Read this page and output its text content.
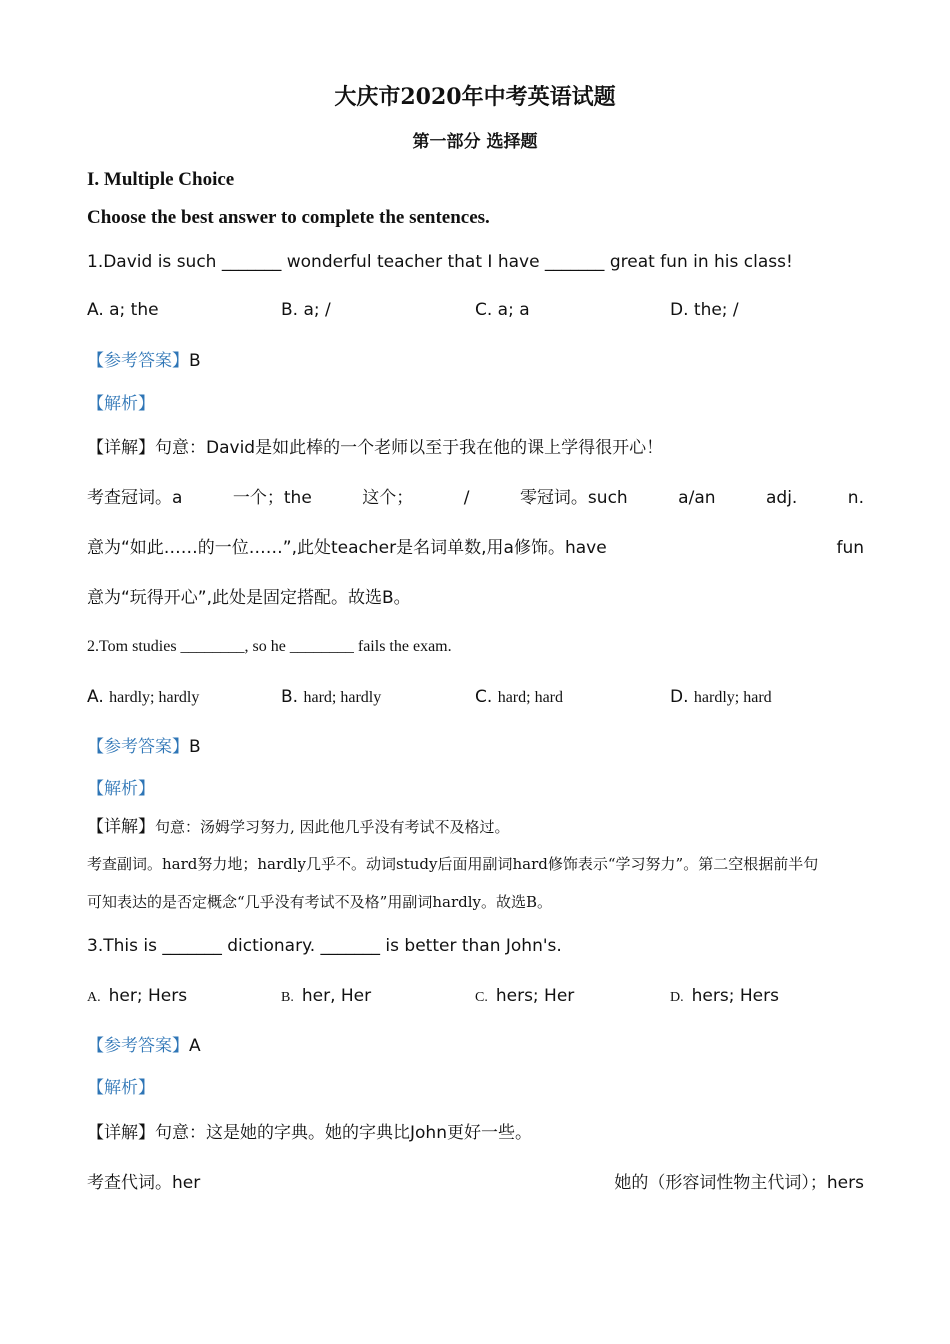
大庆市2020年中考英语试题
第一部分 选择题
I. Multiple Choice
Choose the best answer to complete the sentences.
1.David is such _______ wonderful teacher that I have _______ great fun in his class!
A. a; the	B. a; /	C. a; a	D. the; /
【参考答案】B
【解析】
【详解】句意：David是如此棒的一个老师以至于我在他的课上学得很开心！
考查冠词。a	一个；the	这个；	/	零冠词。such	a/an	adj.	n.
意为“如此……的一位……”,此处teacher是名词单数,用a修饰。have	fun
意为“玩得开心”,此处是固定搭配。故选B。
2.Tom studies ________, so he ________ fails the exam.
A. hardly; hardly	B. hard; hardly	C. hard; hard	D. hardly; hard
【参考答案】B
【解析】
【详解】句意：汤姆学习努力, 因此他几乎没有考试不及格过。
考查副词。hard努力地；hardly几乎不。动词study后面用副词hard修饰表示“学习努力”。第二空根据前半句
可知表达的是否定概念“几乎没有考试不及格”用副词hardly。故选B。
3.This is _______ dictionary. _______ is better than John's.
A. her; Hers	B. her, Her	C. hers; Her	D. hers; Hers
【参考答案】A
【解析】
【详解】句意：这是她的字典。她的字典比John更好一些。
考查代词。her	她的（形容词性物主代词）；hers
